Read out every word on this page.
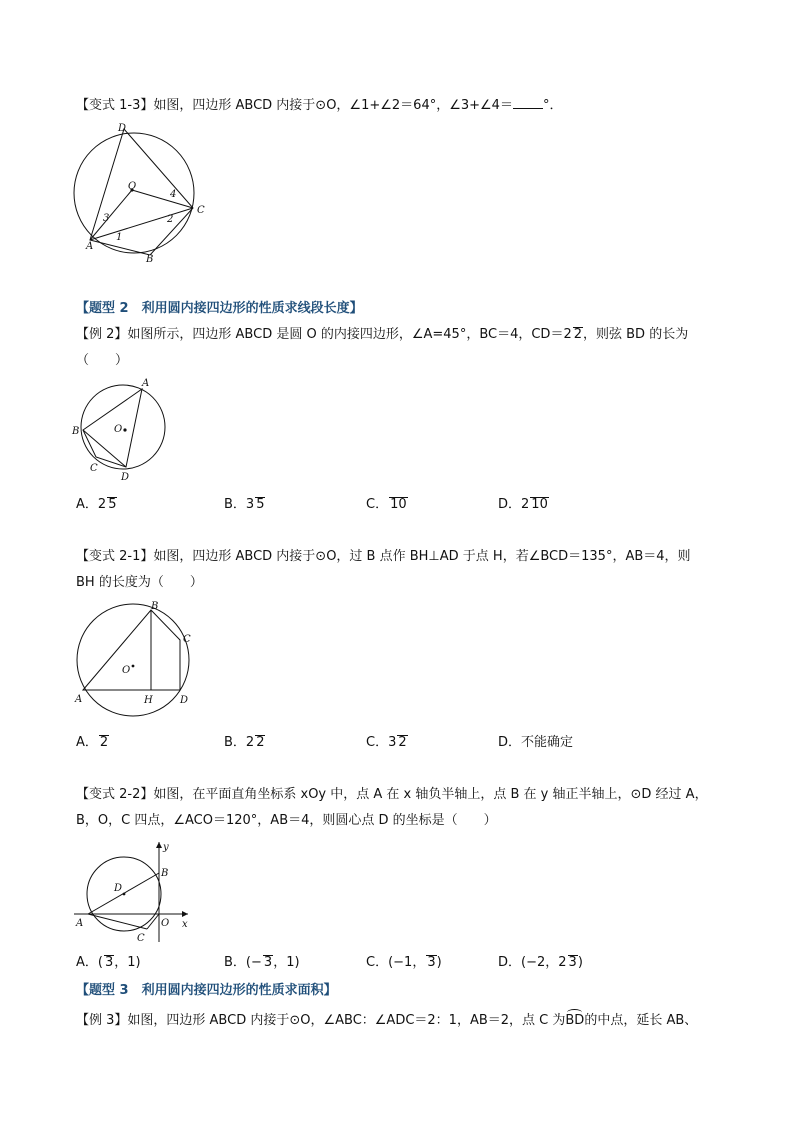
【变式 1-3】如图，四边形 ABCD 内接于⊙O，∠1+∠2＝64°，∠3+∠4＝ °．
D
O
4
C
3	2
A
1
B
【题型 2　利用圆内接四边形的性质求线段长度】
【例 2】如图所示，四边形 ABCD 是圆 O 的内接四边形，∠A=45°，BC＝4，CD＝2 2，则弦 BD 的长为
（　　）
A
O
B
C
D
A．2 5	B．3 5	C． 10	D．2 10
【变式 2-1】如图，四边形 ABCD 内接于⊙O，过 B 点作 BH⊥AD 于点 H，若∠BCD＝135°，AB＝4，则
BH 的长度为（　　）
B
C
O
A	H	D
A． 2	B．2 2	C．3 2	D．不能确定
【变式 2-2】如图，在平面直角坐标系 xOy 中，点 A 在 x 轴负半轴上，点 B 在 y 轴正半轴上，⊙D 经过 A，
B，O，C 四点，∠ACO＝120°，AB＝4，则圆心点 D 的坐标是（　　）
y
B
D
A	O x
C
A．( 3，1)	B．(− 3，1)	C．(−1， 3)	D．(−2，2 3)
【题型 3　利用圆内接四边形的性质求面积】
【例 3】如图，四边形 ABCD 内接于⊙O，∠ABC：∠ADC＝2：1，AB＝2，点 C 为
BD的中点，延长 AB、
